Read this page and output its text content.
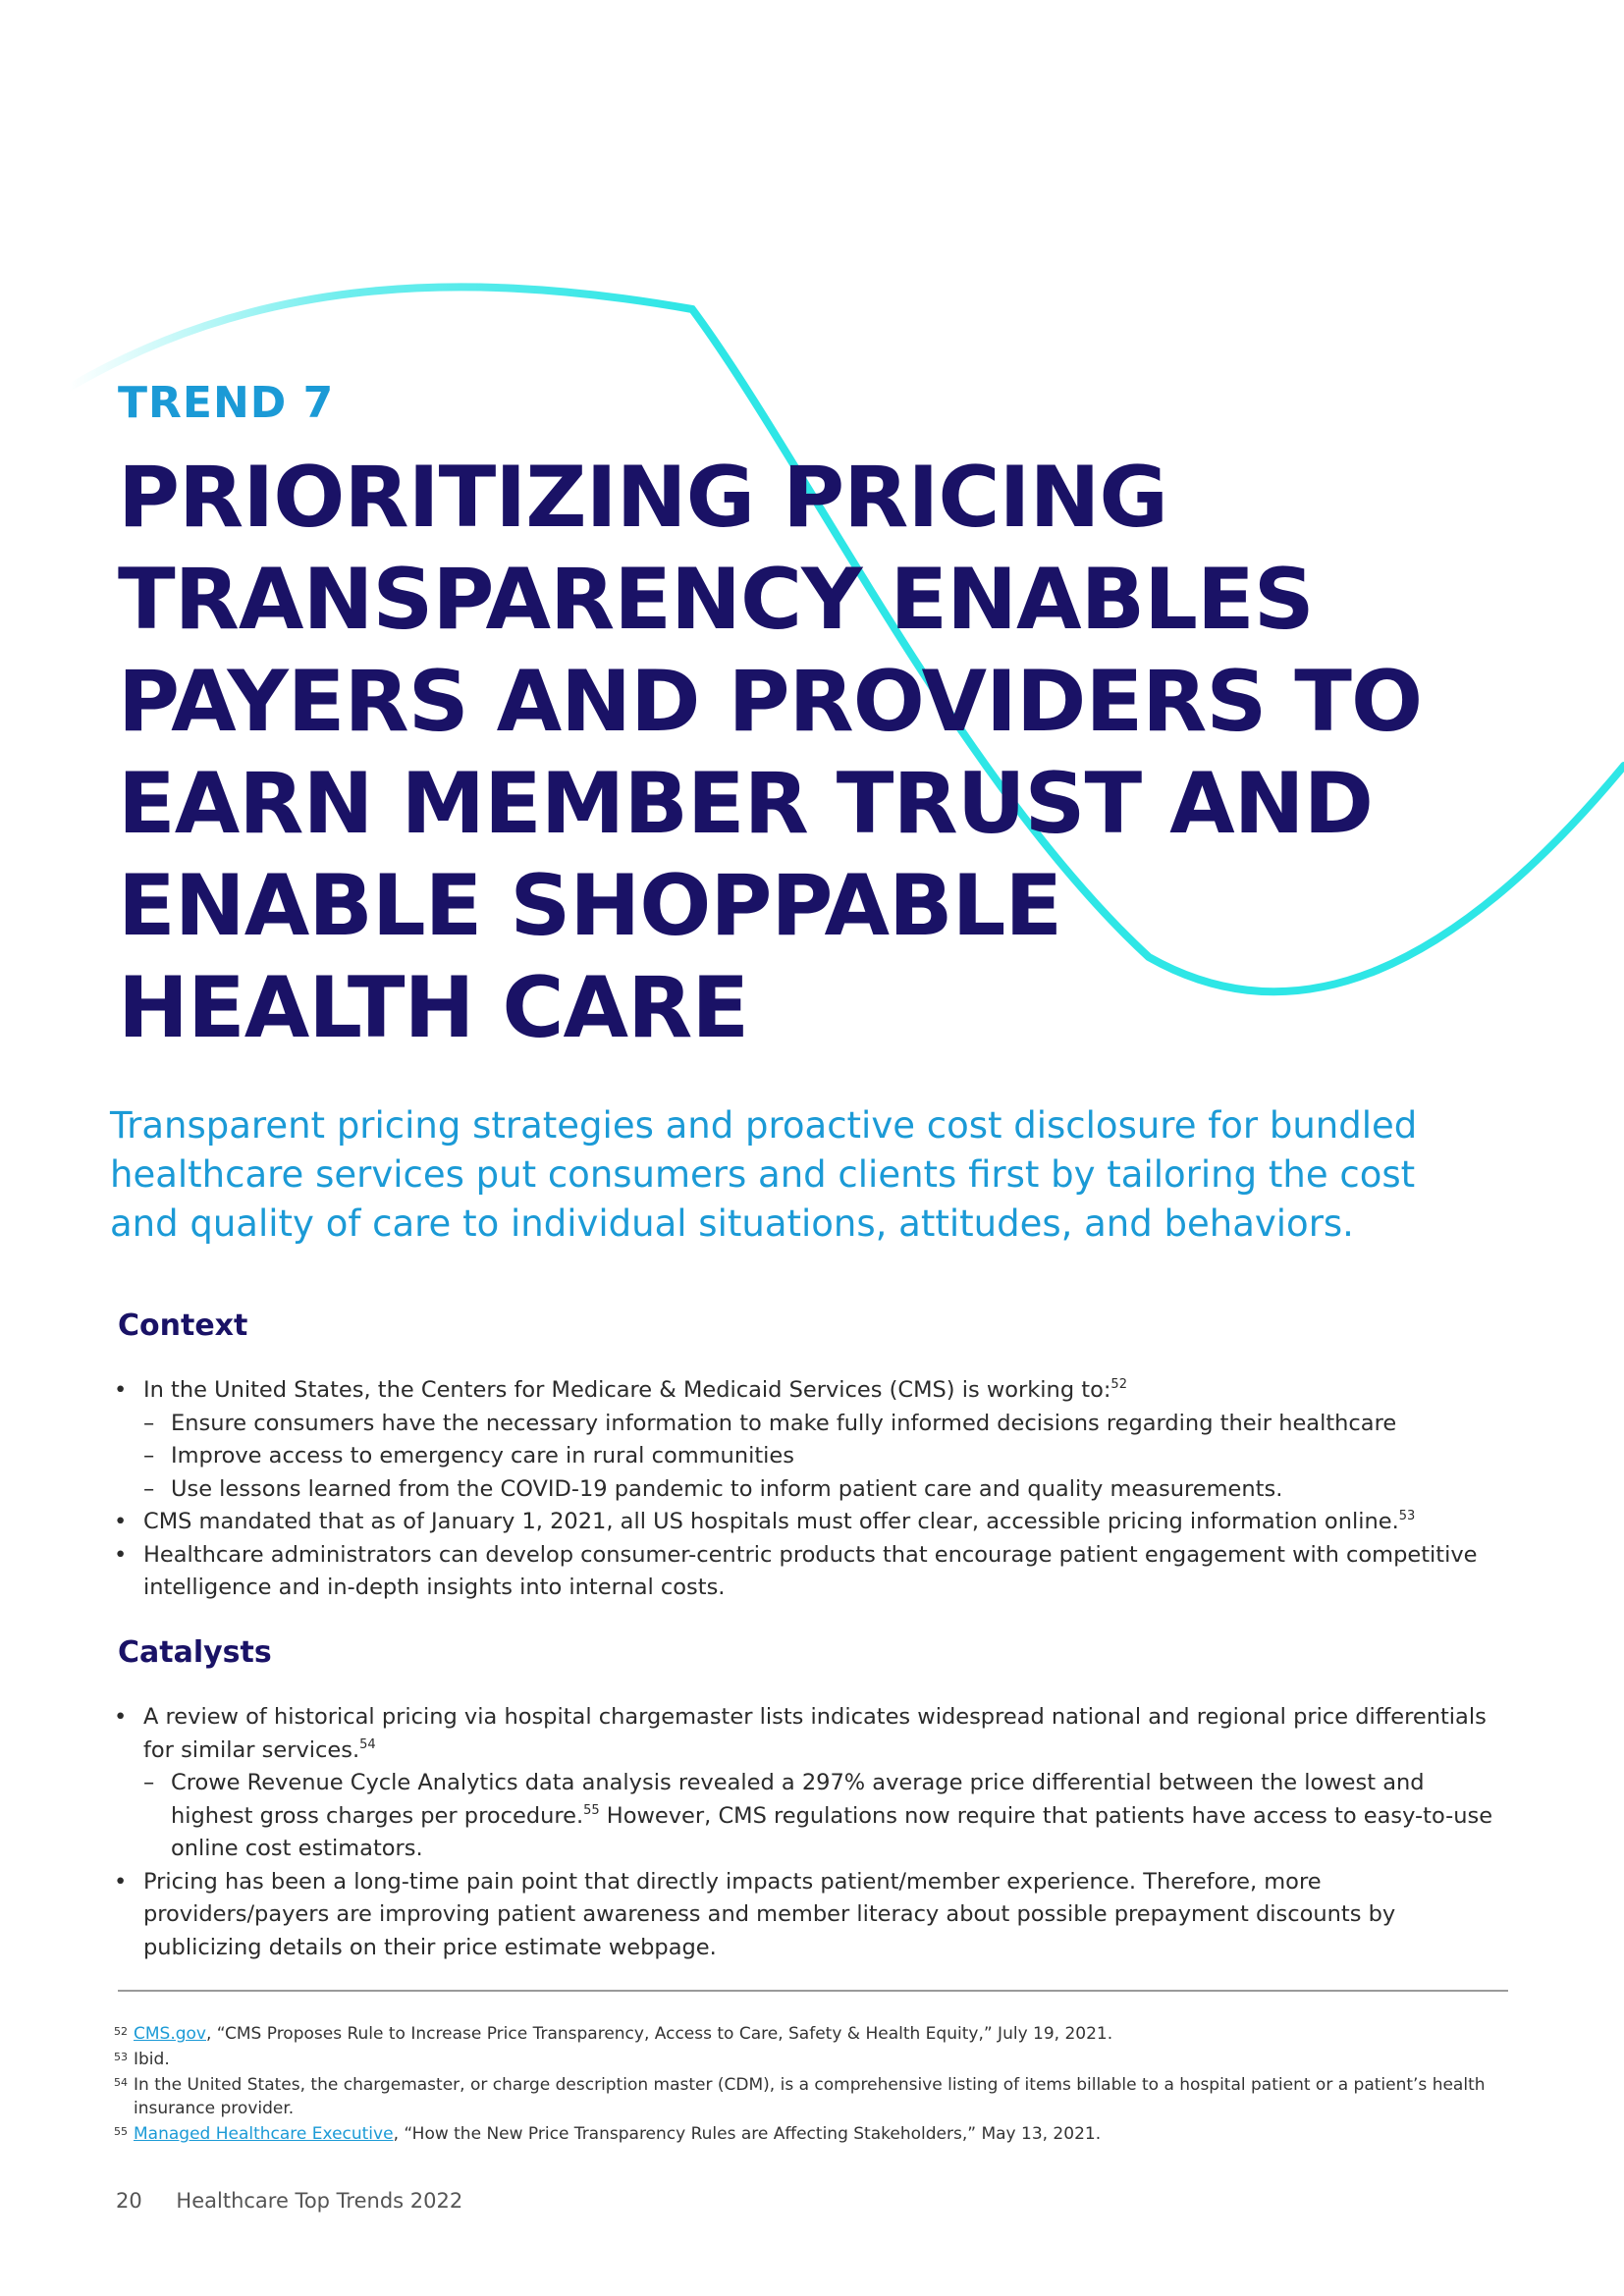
TREND 7
PRIORITIZING PRICING
TRANSPARENCY ENABLES
PAYERS AND PROVIDERS TO
EARN MEMBER TRUST AND
ENABLE SHOPPABLE
HEALTH CARE

Transparent pricing strategies and proactive cost disclosure for bundled
healthcare services put consumers and clients first by tailoring the cost
and quality of care to individual situations, attitudes, and behaviors.

Context
• In the United States, the Centers for Medicare & Medicaid Services (CMS) is working to:$^{52}$
– Ensure consumers have the necessary information to make fully informed decisions regarding their healthcare
– Improve access to emergency care in rural communities
– Use lessons learned from the COVID-19 pandemic to inform patient care and quality measurements.
• CMS mandated that as of January 1, 2021, all US hospitals must offer clear, accessible pricing information online.$^{53}$
• Healthcare administrators can develop consumer-centric products that encourage patient engagement with competitive intelligence and in-depth insights into internal costs.
Catalysts
• A review of historical pricing via hospital chargemaster lists indicates widespread national and regional price differentials for similar services.$^{54}$
– Crowe Revenue Cycle Analytics data analysis revealed a 297% average price differential between the lowest and highest gross charges per procedure.$^{55}$ However, CMS regulations now require that patients have access to easy-to-use online cost estimators.
• Pricing has been a long-time pain point that directly impacts patient/member experience. Therefore, more providers/payers are improving patient awareness and member literacy about possible prepayment discounts by publicizing details on their price estimate webpage.
52 CMS.gov, “CMS Proposes Rule to Increase Price Transparency, Access to Care, Safety & Health Equity,” July 19, 2021.
53 Ibid.
54 In the United States, the chargemaster, or charge description master (CDM), is a comprehensive listing of items billable to a hospital patient or a patient’s health insurance provider.
55 Managed Healthcare Executive, “How the New Price Transparency Rules are Affecting Stakeholders,” May 13, 2021.
20 Healthcare Top Trends 2022
